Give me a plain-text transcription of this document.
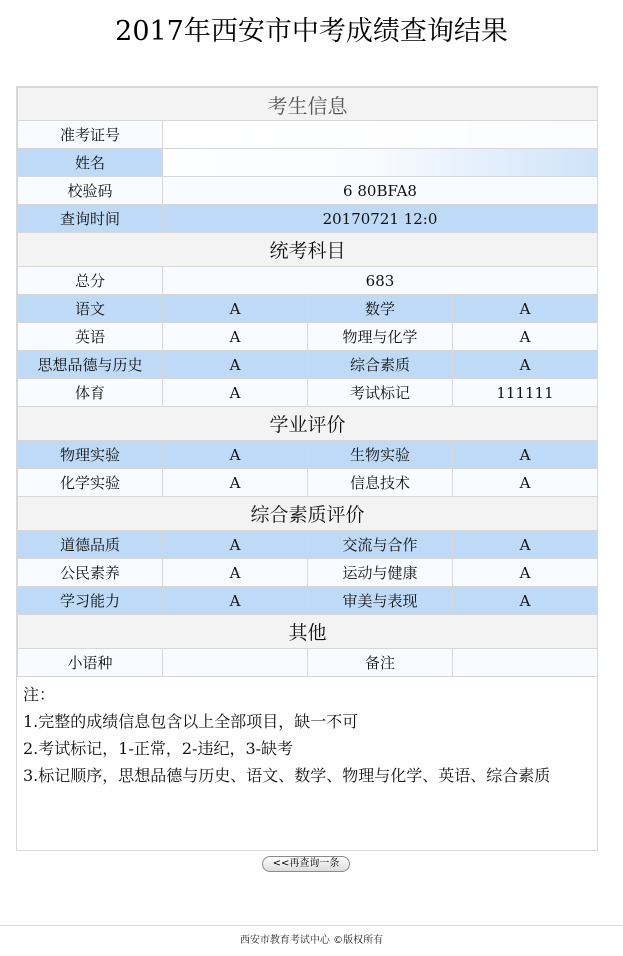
2017年西安市中考成绩查询结果
考生信息			
准考证号			

姓名			

校验码	6 80BFA8		
查询时间	20170721 12:0		
统考科目			
总分	683		
语文	A	数学	A
英语	A	物理与化学	A
思想品德与历史	A	综合素质	A
体育	A	考试标记	111111
学业评价			
物理实验	A	生物实验	A
化学实验	A	信息技术	A
综合素质评价			
道德品质	A	交流与合作	A
公民素养	A	运动与健康	A
学习能力	A	审美与表现	A
其他			
小语种		备注	

注：

1.完整的成绩信息包含以上全部项目，缺一不可

2.考试标记，1-正常，2-违纪，3-缺考

3.标记顺序，思想品德与历史、语文、数学、物理与化学、英语、综合素质

<<再查询一条
西安市教育考试中心 ©版权所有
